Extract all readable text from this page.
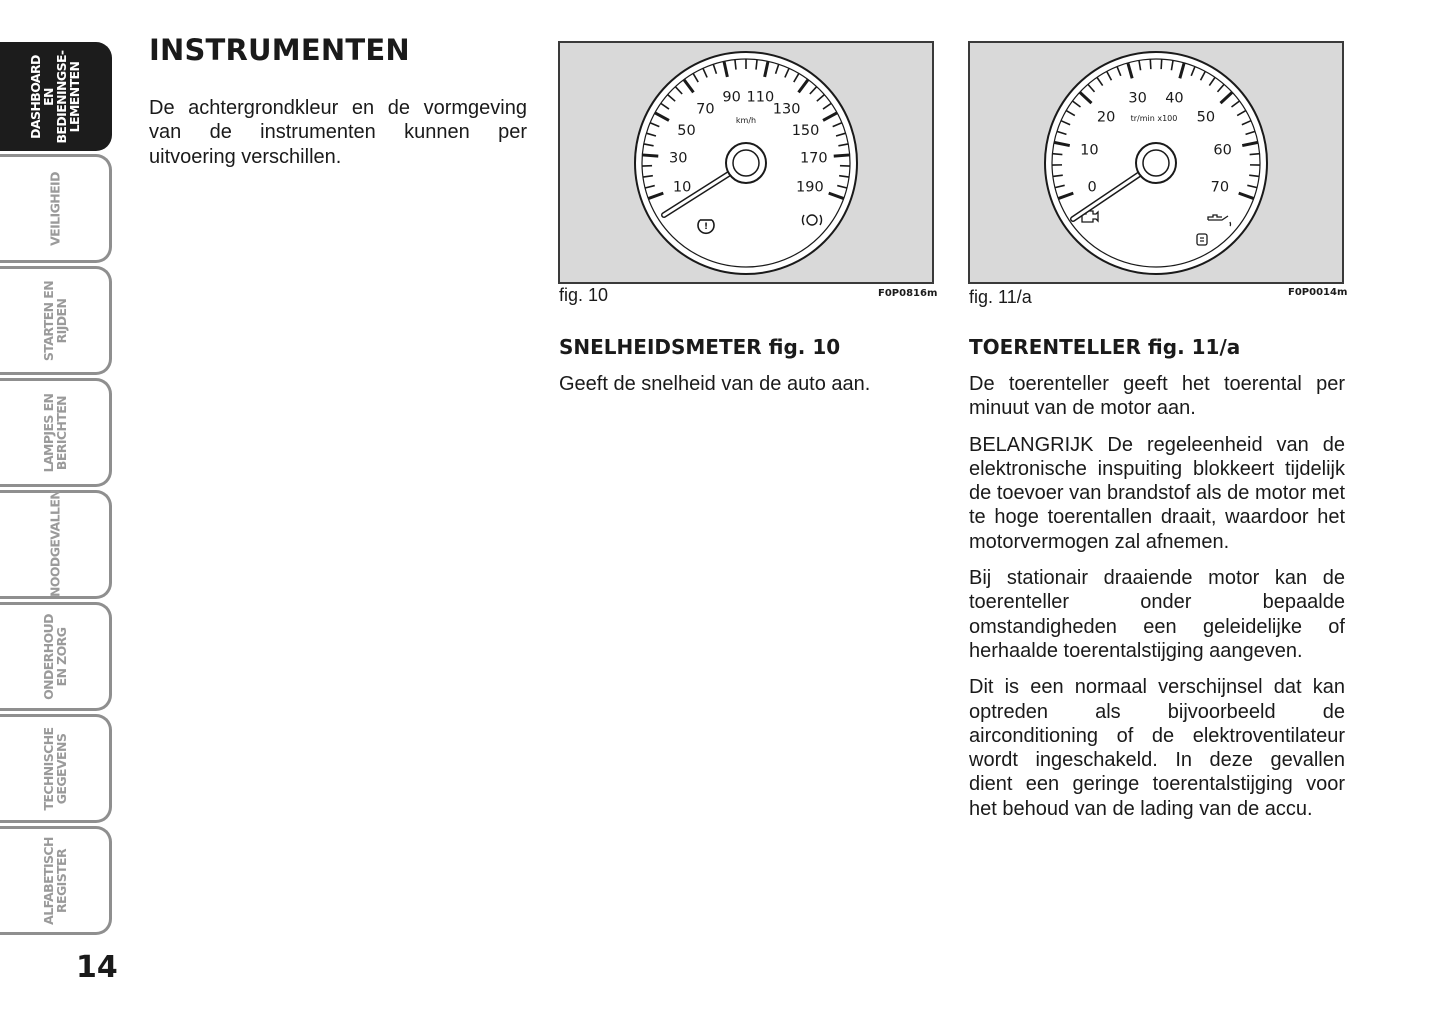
DASHBOARD EN
BEDIENINGSE-
LEMENTEN
VEILIGHEID
STARTEN EN
RIJDEN
LAMPJES EN
BERICHTEN
NOODGEVALLEN
ONDERHOUD
EN ZORG
TECHNISCHE
GEGEVENS
ALFABETISCH
REGISTER
14
INSTRUMENTEN

De achtergrondkleur en de vormgeving van de instrumenten kunnen per uitvoering verschillen.

10
30
50
70
90 110
130
150
170
190
km/h
!
fig. 10	F0P0816m
0
10
20
30 40
50
60
70
tr/min x100
fig. 11/a	F0P0014m
SNELHEIDSMETER fig. 10

Geeft de snelheid van de auto aan.

TOERENTELLER fig. 11/a

De toerenteller geeft het toerental per minuut van de motor aan.

BELANGRIJK De regeleenheid van de elektronische inspuiting blokkeert tijdelijk de toevoer van brandstof als de motor met te hoge toerentallen draait, waardoor het motorvermogen zal afnemen.

Bij stationair draaiende motor kan de toerenteller onder bepaalde omstandigheden een geleidelijke of herhaalde toerentalstijging aangeven.

Dit is een normaal verschijnsel dat kan optreden als bijvoorbeeld de airconditioning of de elektroventilateur wordt ingeschakeld. In deze gevallen dient een geringe toerentalstijging voor het behoud van de lading van de accu.
